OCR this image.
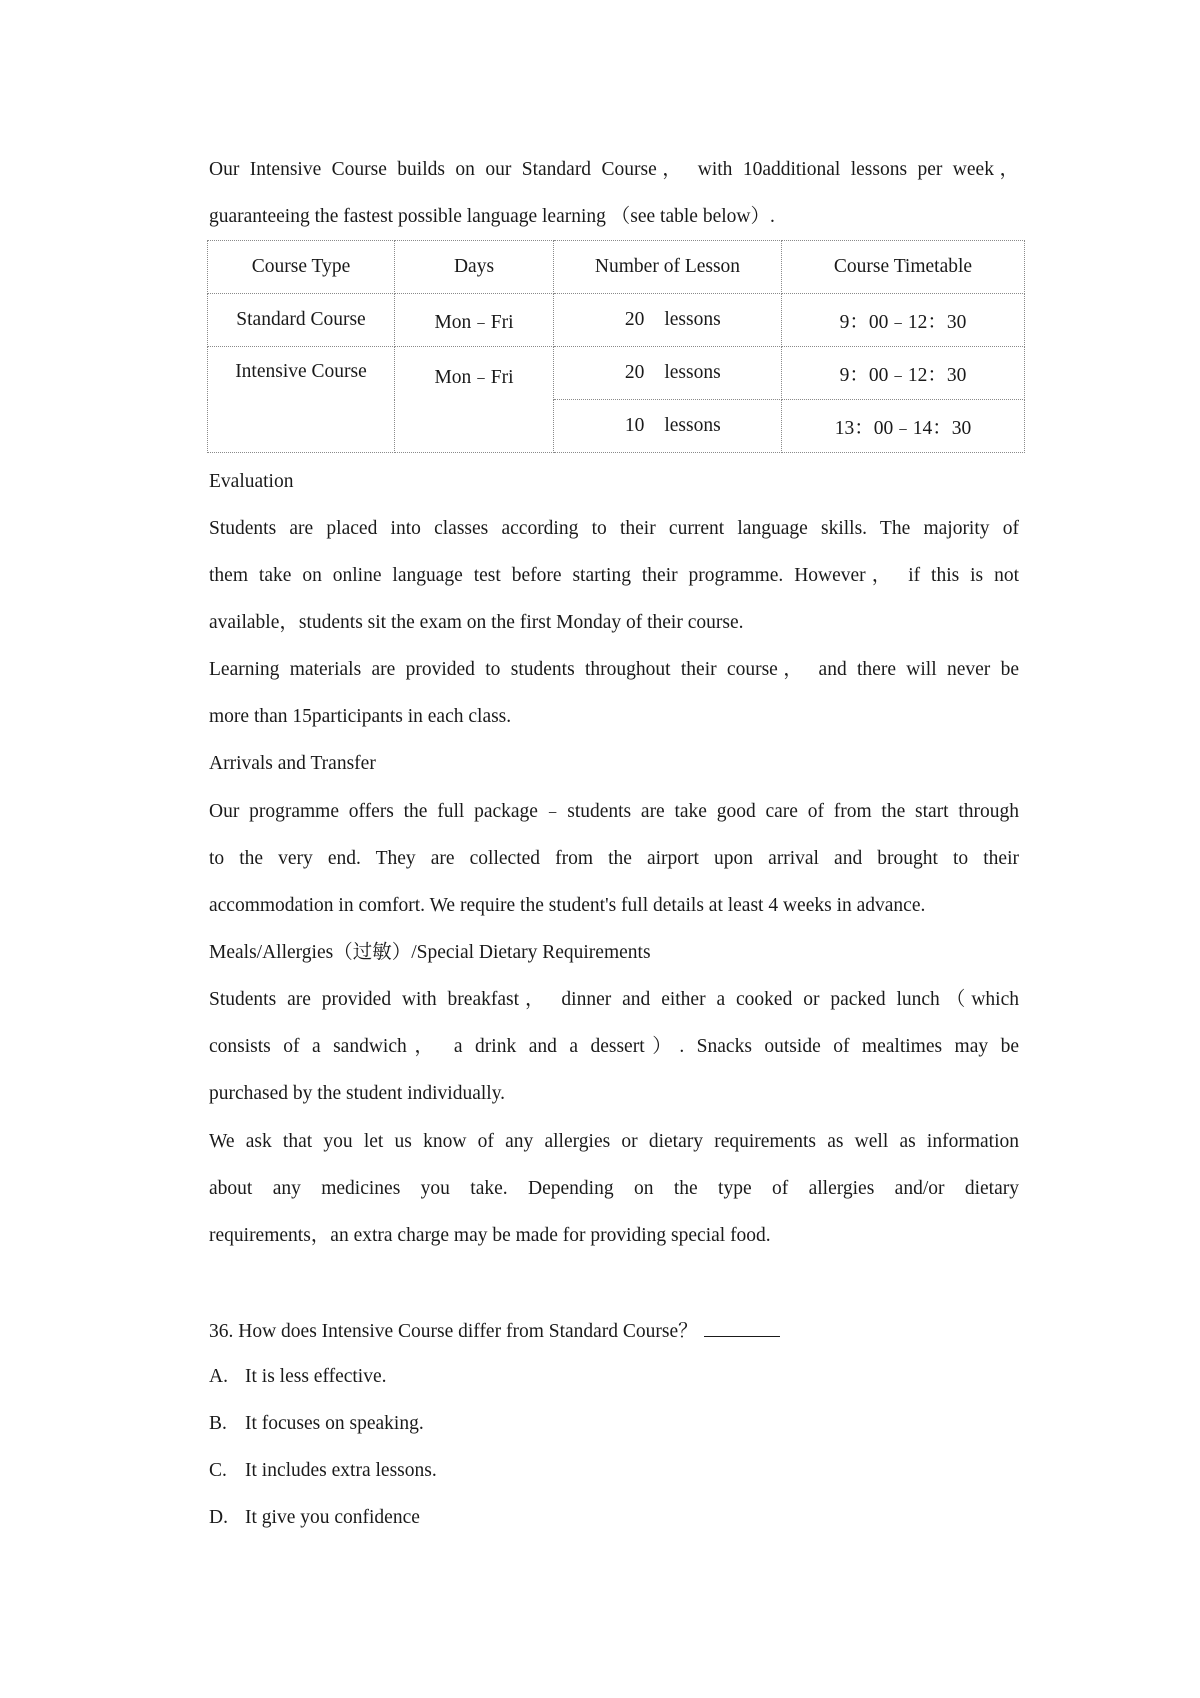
Our Intensive Course builds on our Standard Course， with 10additional lessons per week，
guaranteeing the fastest possible language learning （see table below）.
Course Type	Days	Number of Lesson	Course Timetable
Standard Course	Mon﹣Fri	20 lessons	9：00﹣12：30
Intensive Course	Mon﹣Fri	20 lessons	9：00﹣12：30
		10 lessons	13：00﹣14：30
Evaluation
Students are placed into classes according to their current language skills. The majority of
them take on online language test before starting their programme. However， if this is not
available，students sit the exam on the first Monday of their course.
Learning materials are provided to students throughout their course， and there will never be
more than 15participants in each class.
Arrivals and Transfer
Our programme offers the full package﹣students are take good care of from the start through
to the very end. They are collected from the airport upon arrival and brought to their
accommodation in comfort. We require the student's full details at least 4 weeks in advance.
Meals/Allergies（过敏）/Special Dietary Requirements
Students are provided with breakfast， dinner and either a cooked or packed lunch（which
consists of a sandwich， a drink and a dessert）. Snacks outside of mealtimes may be
purchased by the student individually.
We ask that you let us know of any allergies or dietary requirements as well as information
about any medicines you take. Depending on the type of allergies and/or dietary
requirements，an extra charge may be made for providing special food.
36. How does Intensive Course differ from Standard Course？
A. It is less effective.
B. It focuses on speaking.
C. It includes extra lessons.
D. It give you confidence
